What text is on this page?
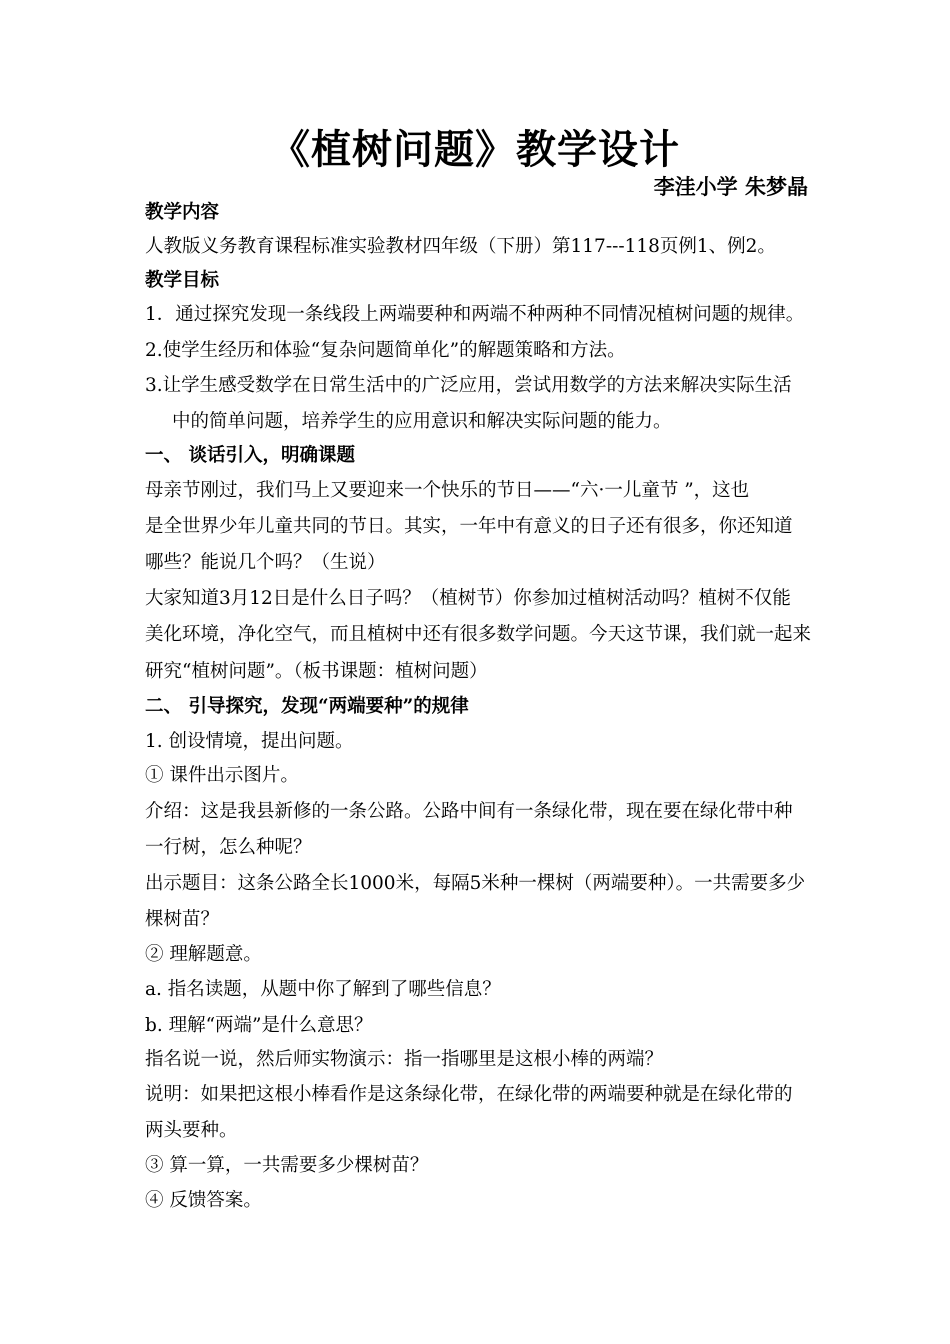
《植树问题》教学设计
李洼小学 朱梦晶
教学内容
人教版义务教育课程标准实验教材四年级（下册）第117---118页例1、例2。
教学目标
1．通过探究发现一条线段上两端要种和两端不种两种不同情况植树问题的规律。
2.使学生经历和体验“复杂问题简单化”的解题策略和方法。
3.让学生感受数学在日常生活中的广泛应用，尝试用数学的方法来解决实际生活
中的简单问题，培养学生的应用意识和解决实际问题的能力。
一、 谈话引入，明确课题
母亲节刚过，我们马上又要迎来一个快乐的节日——“六·一儿童节 ”，这也
是全世界少年儿童共同的节日。其实，一年中有意义的日子还有很多，你还知道
哪些？能说几个吗？（生说）
大家知道3月12日是什么日子吗？（植树节）你参加过植树活动吗？植树不仅能
美化环境，净化空气，而且植树中还有很多数学问题。今天这节课，我们就一起来
研究“植树问题”。（板书课题：植树问题）
二、 引导探究，发现“两端要种”的规律
1. 创设情境，提出问题。
① 课件出示图片。
介绍：这是我县新修的一条公路。公路中间有一条绿化带，现在要在绿化带中种
一行树，怎么种呢？
出示题目：这条公路全长1000米，每隔5米种一棵树（两端要种）。一共需要多少
棵树苗？
② 理解题意。
a. 指名读题，从题中你了解到了哪些信息？
b. 理解“两端”是什么意思？
指名说一说，然后师实物演示：指一指哪里是这根小棒的两端？
说明：如果把这根小棒看作是这条绿化带，在绿化带的两端要种就是在绿化带的
两头要种。
③ 算一算，一共需要多少棵树苗？
④ 反馈答案。
